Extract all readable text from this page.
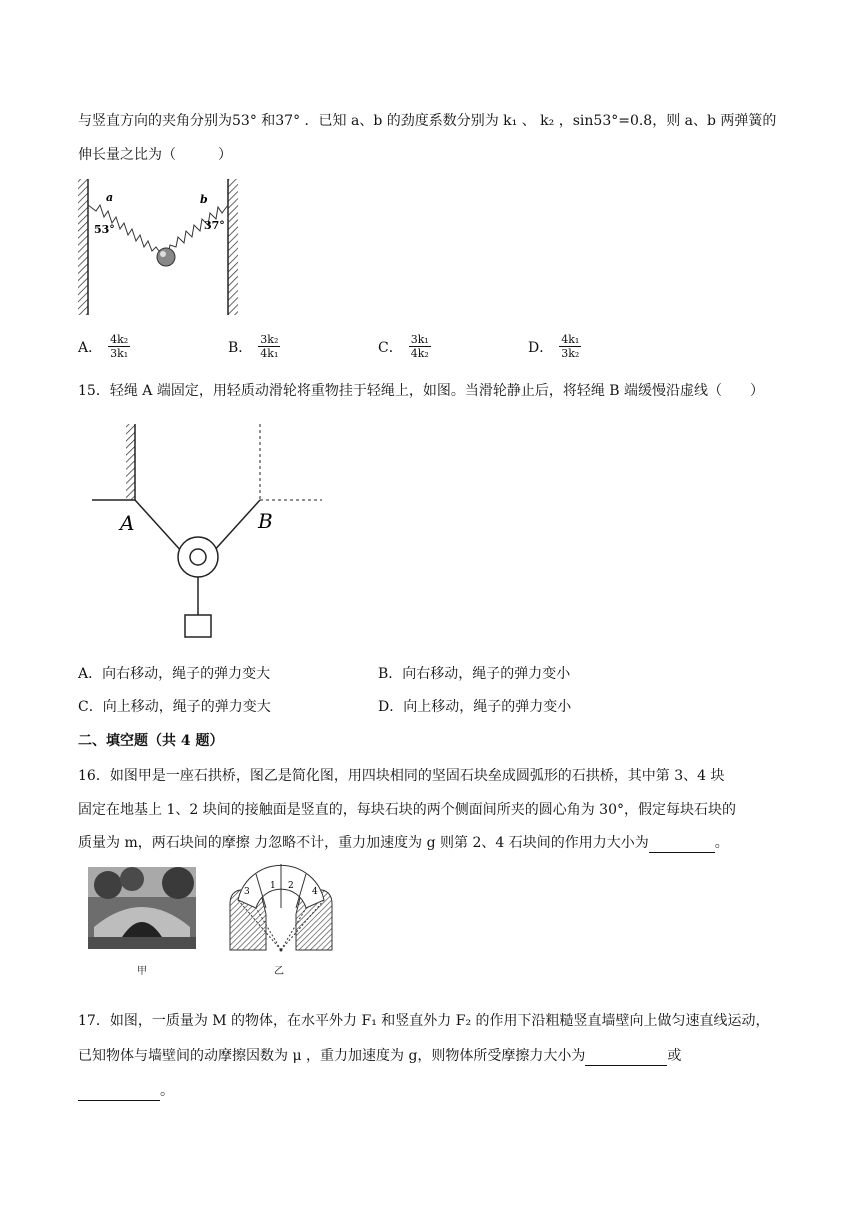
与竖直方向的夹角分别为53° 和37° ．已知 a、b 的劲度系数分别为 k₁ 、 k₂ ，sin53°=0.8，则 a、b 两弹簧的
伸长量之比为（　　　）
a	b
53°	37°
A． $\frac{\text{4k₂}}{\text{3k₁}}$	B． $\frac{\text{3k₂}}{\text{4k₁}}$	C． $\frac{\text{3k₁}}{\text{4k₂}}$	D． $\frac{\text{4k₁}}{\text{3k₂}}$
15．轻绳 A 端固定，用轻质动滑轮将重物挂于轻绳上，如图。当滑轮静止后，将轻绳 B 端缓慢沿虚线（　　）
A	B
A．向右移动，绳子的弹力变大	B．向右移动，绳子的弹力变小
C．向上移动，绳子的弹力变大	D．向上移动，绳子的弹力变小
二、填空题（共 4 题）
16．如图甲是一座石拱桥，图乙是简化图，用四块相同的坚固石块垒成圆弧形的石拱桥，其中第 3、4 块
固定在地基上 1、2 块间的接触面是竖直的，每块石块的两个侧面间所夹的圆心角为 30°，假定每块石块的
质量为 m，两石块间的摩擦 力忽略不计，重力加速度为 g 则第 2、4 石块间的作用力大小为	。
甲
3
1 2
4
乙
17．如图，一质量为 M 的物体，在水平外力 F₁ 和竖直外力 F₂ 的作用下沿粗糙竖直墙壁向上做匀速直线运动，
已知物体与墙壁间的动摩擦因数为 μ ，重力加速度为 g，则物体所受摩擦力大小为	或
。
